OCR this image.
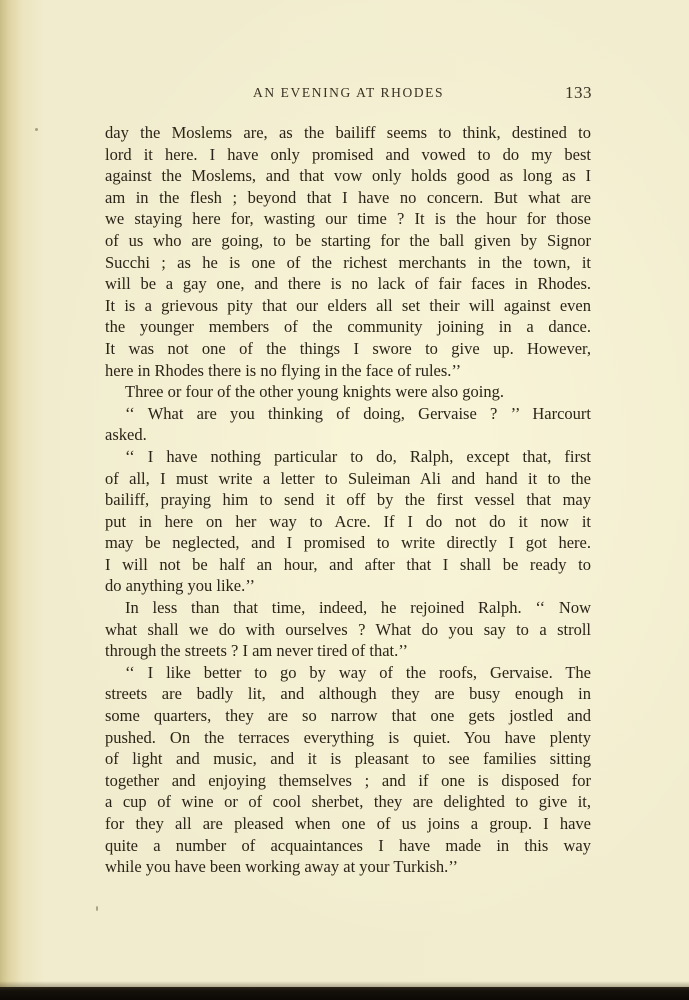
AN EVENING AT RHODES	133
day the Moslems are, as the bailiff seems to think, destined to
lord it here. I have only promised and vowed to do my best
against the Moslems, and that vow only holds good as long as I
am in the flesh ; beyond that I have no concern. But what are
we staying here for, wasting our time ? It is the hour for those
of us who are going, to be starting for the ball given by Signor
Succhi ; as he is one of the richest merchants in the town, it
will be a gay one, and there is no lack of fair faces in Rhodes.
It is a grievous pity that our elders all set their will against even
the younger members of the community joining in a dance.
It was not one of the things I swore to give up. However,
here in Rhodes there is no flying in the face of rules.’’
Three or four of the other young knights were also going.
‘‘ What are you thinking of doing, Gervaise ? ’’ Harcourt
asked.
‘‘ I have nothing particular to do, Ralph, except that, first
of all, I must write a letter to Suleiman Ali and hand it to the
bailiff, praying him to send it off by the first vessel that may
put in here on her way to Acre. If I do not do it now it
may be neglected, and I promised to write directly I got here.
I will not be half an hour, and after that I shall be ready to
do anything you like.’’
In less than that time, indeed, he rejoined Ralph. ‘‘ Now
what shall we do with ourselves ? What do you say to a stroll
through the streets ? I am never tired of that.’’
‘‘ I like better to go by way of the roofs, Gervaise. The
streets are badly lit, and although they are busy enough in
some quarters, they are so narrow that one gets jostled and
pushed. On the terraces everything is quiet. You have plenty
of light and music, and it is pleasant to see families sitting
together and enjoying themselves ; and if one is disposed for
a cup of wine or of cool sherbet, they are delighted to give it,
for they all are pleased when one of us joins a group. I have
quite a number of acquaintances I have made in this way
while you have been working away at your Turkish.’’
